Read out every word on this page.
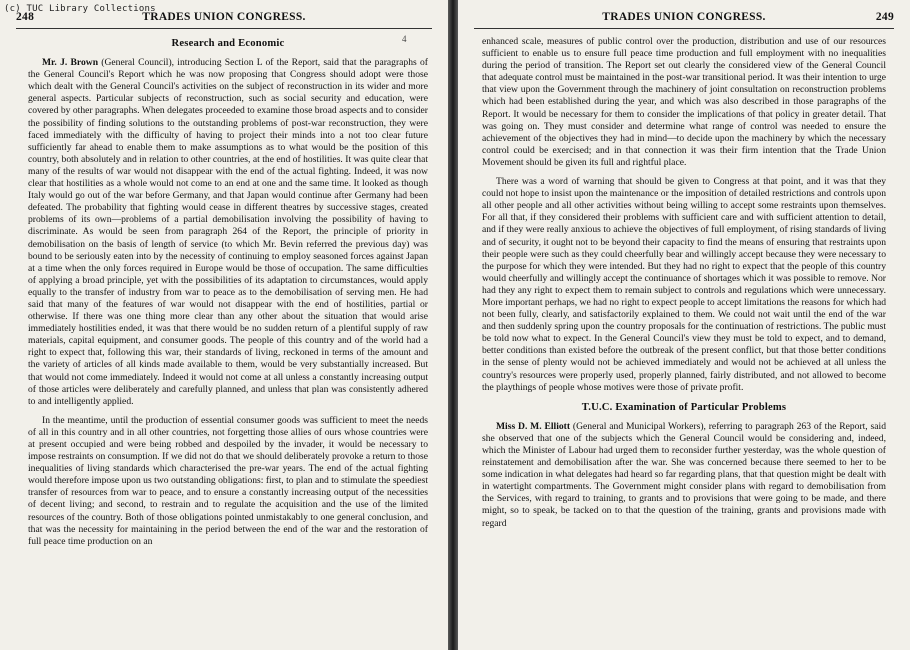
(c) TUC Library Collections
248	TRADES UNION CONGRESS.
4
Research and Economic

Mr. J. Brown (General Council), introducing Section L of the Report, said that the paragraphs of the General Council's Report which he was now proposing that Congress should adopt were those which dealt with the General Council's activities on the subject of reconstruction in its wider and more general aspects. Particular subjects of reconstruction, such as social security and education, were covered by other paragraphs. When delegates proceeded to examine those broad aspects and to consider the possibility of finding solutions to the outstanding problems of post-war reconstruction, they were faced immediately with the difficulty of having to project their minds into a not too clear future sufficiently far ahead to enable them to make assumptions as to what would be the position of this country, both absolutely and in relation to other countries, at the end of hostilities. It was quite clear that many of the results of war would not disappear with the end of the actual fighting. Indeed, it was now clear that hostilities as a whole would not come to an end at one and the same time. It looked as though Italy would go out of the war before Germany, and that Japan would continue after Germany had been defeated. The probability that fighting would cease in different theatres by successive stages, created problems of its own—problems of a partial demobilisation involving the possibility of having to discriminate. As would be seen from paragraph 264 of the Report, the principle of priority in demobilisation on the basis of length of service (to which Mr. Bevin referred the previous day) was bound to be seriously eaten into by the necessity of continuing to employ seasoned forces against Japan at a time when the only forces required in Europe would be those of occupation. The same difficulties of applying a broad principle, yet with the possibilities of its adaptation to circumstances, would apply equally to the transfer of industry from war to peace as to the demobilisation of serving men. He had said that many of the features of war would not disappear with the end of hostilities, partial or otherwise. If there was one thing more clear than any other about the situation that would arise immediately hostilities ended, it was that there would be no sudden return of a plentiful supply of raw materials, capital equipment, and consumer goods. The people of this country and of the world had a right to expect that, following this war, their standards of living, reckoned in terms of the amount and the variety of articles of all kinds made available to them, would be very substantially increased. But that would not come immediately. Indeed it would not come at all unless a constantly increasing output of those articles were deliberately and carefully planned, and unless that plan was consistently adhered to and intelligently applied.

In the meantime, until the production of essential consumer goods was sufficient to meet the needs of all in this country and in all other countries, not forgetting those allies of ours whose countries were at present occupied and were being robbed and despoiled by the invader, it would be necessary to impose restraints on consumption. If we did not do that we should deliberately provoke a return to those inequalities of living standards which characterised the pre-war years. The end of the actual fighting would therefore impose upon us two outstanding obligations: first, to plan and to stimulate the speediest transfer of resources from war to peace, and to ensure a constantly increasing output of the necessities of decent living; and second, to restrain and to regulate the acquisition and the use of the limited resources of the country. Both of those obligations pointed unmistakably to one general conclusion, and that was the necessity for maintaining in the period between the end of the war and the restoration of full peace time production on an

TRADES UNION CONGRESS.	249

enhanced scale, measures of public control over the production, distribution and use of our resources sufficient to enable us to ensure full peace time production and full employment with no inequalities during the period of transition. The Report set out clearly the considered view of the General Council that adequate control must be maintained in the post-war transitional period. It was their intention to urge that view upon the Government through the machinery of joint consultation on reconstruction problems which had been established during the year, and which was also described in those paragraphs of the Report. It would be necessary for them to consider the implications of that policy in greater detail. That was going on. They must consider and determine what range of control was needed to ensure the achievement of the objectives they had in mind—to decide upon the machinery by which the necessary control could be exercised; and in that connection it was their firm intention that the Trade Union Movement should be given its full and rightful place.

There was a word of warning that should be given to Congress at that point, and it was that they could not hope to insist upon the maintenance or the imposition of detailed restrictions and controls upon all other people and all other activities without being willing to accept some restraints upon themselves. For all that, if they considered their problems with sufficient care and with sufficient attention to detail, and if they were really anxious to achieve the objectives of full employment, of rising standards of living and of security, it ought not to be beyond their capacity to find the means of ensuring that restraints upon their people were such as they could cheerfully bear and willingly accept because they were necessary to the purpose for which they were intended. But they had no right to expect that the people of this country would cheerfully and willingly accept the continuance of shortages which it was possible to remove. Nor had they any right to expect them to remain subject to controls and regulations which were unnecessary. More important perhaps, we had no right to expect people to accept limitations the reasons for which had not been fully, clearly, and satisfactorily explained to them. We could not wait until the end of the war and then suddenly spring upon the country proposals for the continuation of restrictions. The public must be told now what to expect. In the General Council's view they must be told to expect, and to demand, better conditions than existed before the outbreak of the present conflict, but that those better conditions in the sense of plenty would not be achieved immediately and would not be achieved at all unless the country's resources were properly used, properly planned, fairly distributed, and not allowed to become the playthings of people whose motives were those of private profit.

T.U.C. Examination of Particular Problems

Miss D. M. Elliott (General and Municipal Workers), referring to paragraph 263 of the Report, said she observed that one of the subjects which the General Council would be considering and, indeed, which the Minister of Labour had urged them to reconsider further yesterday, was the whole question of reinstatement and demobilisation after the war. She was concerned because there seemed to her to be some indication in what delegates had heard so far regarding plans, that that question might be dealt with in watertight compartments. The Government might consider plans with regard to demobilisation from the Services, with regard to training, to grants and to provisions that were going to be made, and there might, so to speak, be tacked on to that the question of the training, grants and provisions made with regard
